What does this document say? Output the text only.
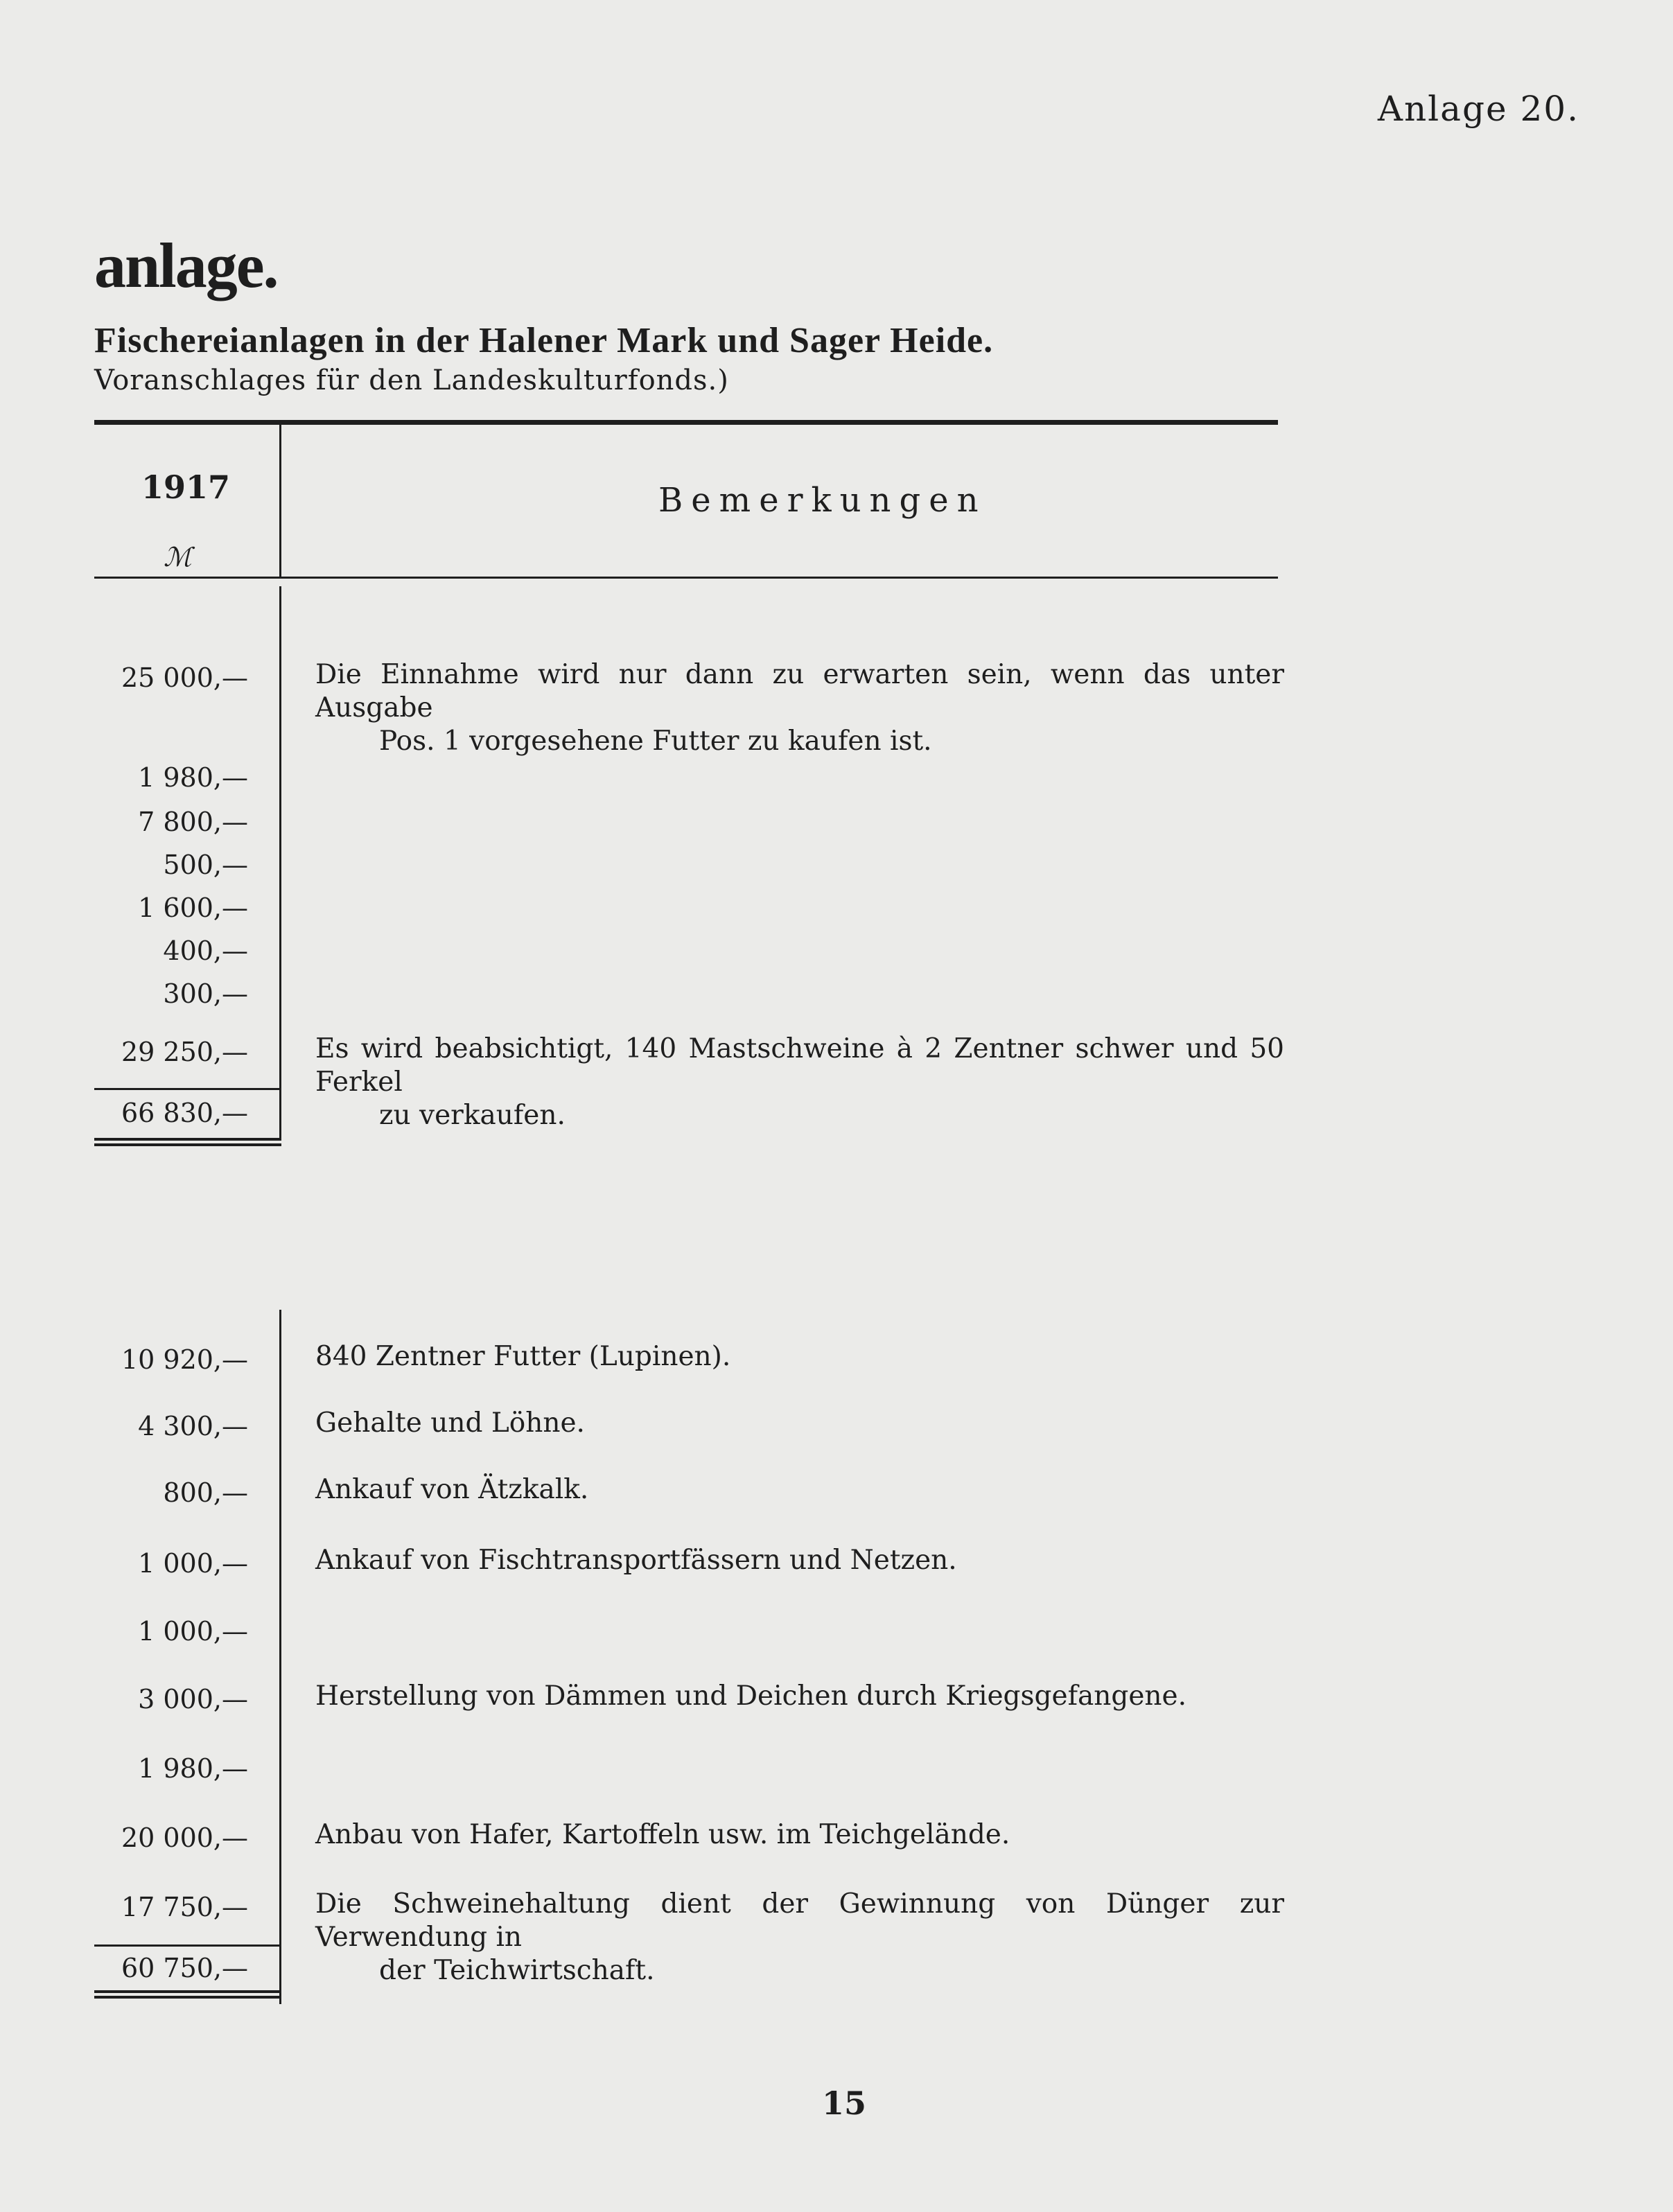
Anlage 20.
anlage.
Fischereianlagen in der Halener Mark und Sager Heide.
Voranschlages für den Landeskulturfonds.)
1917
ℳ
Bemerkungen
25 000,— Die Einnahme wird nur dann zu erwarten sein, wenn das unter Ausgabe
Pos. 1 vorgesehene Futter zu kaufen ist.
1 980,—
7 800,—
500,—
1 600,—
400,—
300,—
29 250,— Es wird beabsichtigt, 140 Mastschweine à 2 Zentner schwer und 50 Ferkel
zu verkaufen.
66 830,—
10 920,— 840 Zentner Futter (Lupinen).
4 300,— Gehalte und Löhne.
800,— Ankauf von Ätzkalk.
1 000,— Ankauf von Fischtransportfässern und Netzen.
1 000,—
3 000,— Herstellung von Dämmen und Deichen durch Kriegsgefangene.
1 980,—
20 000,— Anbau von Hafer, Kartoffeln usw. im Teichgelände.
17 750,— Die Schweinehaltung dient der Gewinnung von Dünger zur Verwendung in
der Teichwirtschaft.
60 750,—
15
